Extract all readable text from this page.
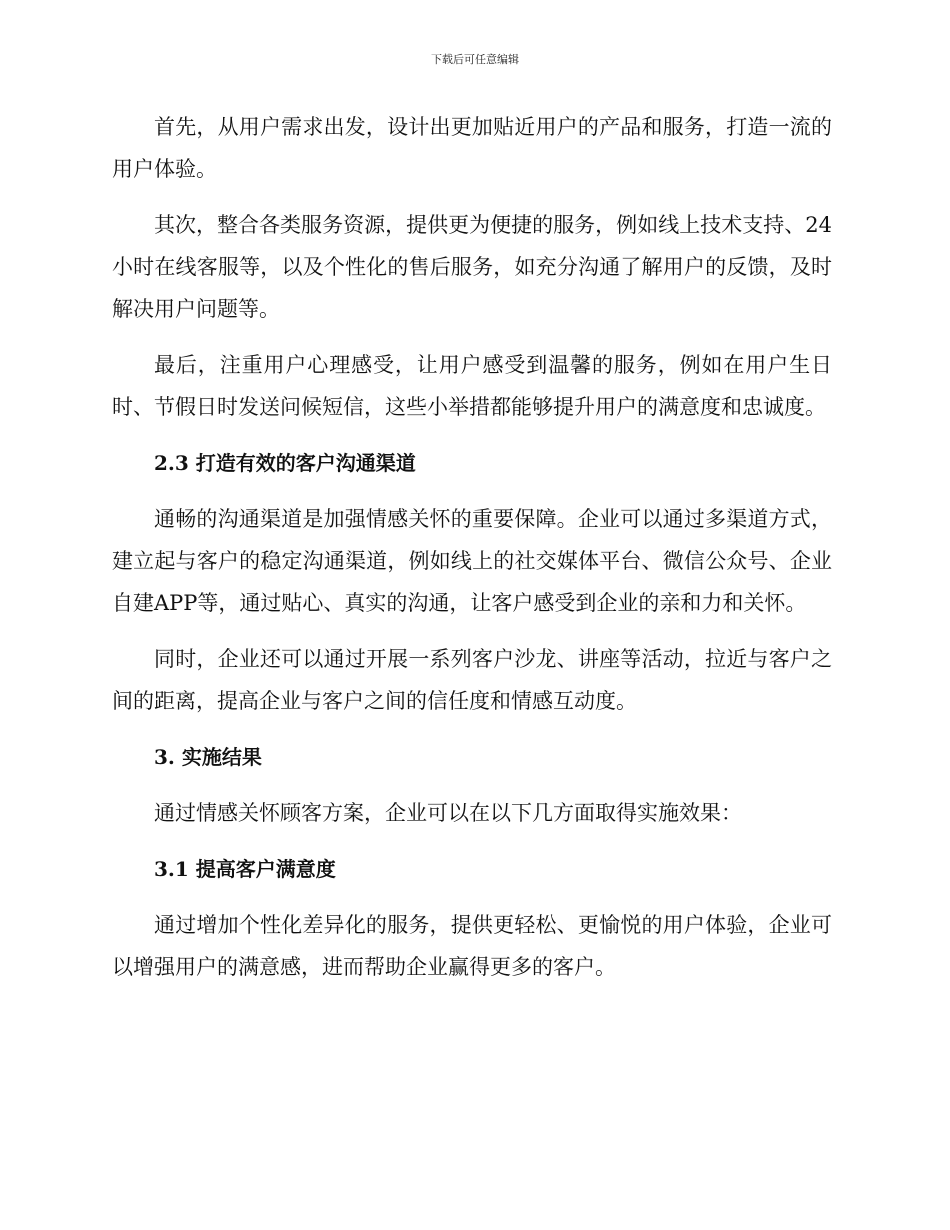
下载后可任意编辑

首先，从用户需求出发，设计出更加贴近用户的产品和服务，打造一流的用户体验。

其次，整合各类服务资源，提供更为便捷的服务，例如线上技术支持、24小时在线客服等，以及个性化的售后服务，如充分沟通了解用户的反馈，及时解决用户问题等。

最后，注重用户心理感受，让用户感受到温馨的服务，例如在用户生日时、节假日时发送问候短信，这些小举措都能够提升用户的满意度和忠诚度。

2.3 打造有效的客户沟通渠道

通畅的沟通渠道是加强情感关怀的重要保障。企业可以通过多渠道方式，建立起与客户的稳定沟通渠道，例如线上的社交媒体平台、微信公众号、企业自建APP等，通过贴心、真实的沟通，让客户感受到企业的亲和力和关怀。

同时，企业还可以通过开展一系列客户沙龙、讲座等活动，拉近与客户之间的距离，提高企业与客户之间的信任度和情感互动度。

3. 实施结果

通过情感关怀顾客方案，企业可以在以下几方面取得实施效果：

3.1 提高客户满意度

通过增加个性化差异化的服务，提供更轻松、更愉悦的用户体验，企业可以增强用户的满意感，进而帮助企业赢得更多的客户。
